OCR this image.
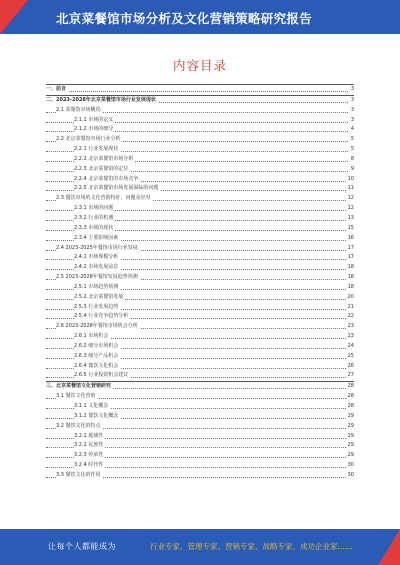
北京菜餐馆市场分析及文化营销策略研究报告
内容目录
一、前言	3
二、2023-2028年北京菜餐馆市场行业发展现状	3
2.1 菜餐馆市场概况	3
2.1.1 市场的定义	3
2.1.2 市场的细分	4
2.2 北京菜餐馆市场行业分析	5
2.2.1 行业发展现状	5
2.2.2 北京菜餐馆市场分析	8
2.2.3 北京菜餐馆的定位	9
2.2.4 北京菜餐馆的市场竞争	10
2.2.5 北京菜餐馆市场发展面临的问题	11
2.3 餐饮市场的文化营销特征、问题及应对	12
2.3.1 市场的问题	12
2.3.2 行业的机遇	13
2.3.3 市场的现状	15
2.3.4 主要影响因素	16
2.4 2023-2025年餐馆市场行业发展	17
2.4.1 市场规模分析	17
2.4.2 市场发展前景	18
2.5 2023-2028年餐馆发展趋势预测	18
2.5.1 市场趋势预测	18
2.5.2 北京菜餐馆发展	20
2.5.3 行业发展趋势	21
2.5.4 行业竞争趋势分析	22
2.6 2023-2028年餐馆市场机会分析	23
2.6.1 市场机会	23
2.6.2 细分市场机会	24
2.6.3 细分产品机会	25
2.6.4 餐饮文化机会	26
2.6.5 行业投资机会建议	27
三、北京菜餐馆文化营销研究	28
3.1 餐饮文化营销	28
3.1.1 文化概念	28
3.1.2 餐饮文化概念	29
3.2 餐饮文化的特点	29
3.2.1 地域性	29
3.2.2 民族性	29
3.2.3 传承性	29
3.2.4 时代性	30
3.3 餐饮文化的作用	30
让每个人都能成为	行业专家、管理专家、营销专家、战略专家、成功企业家……
